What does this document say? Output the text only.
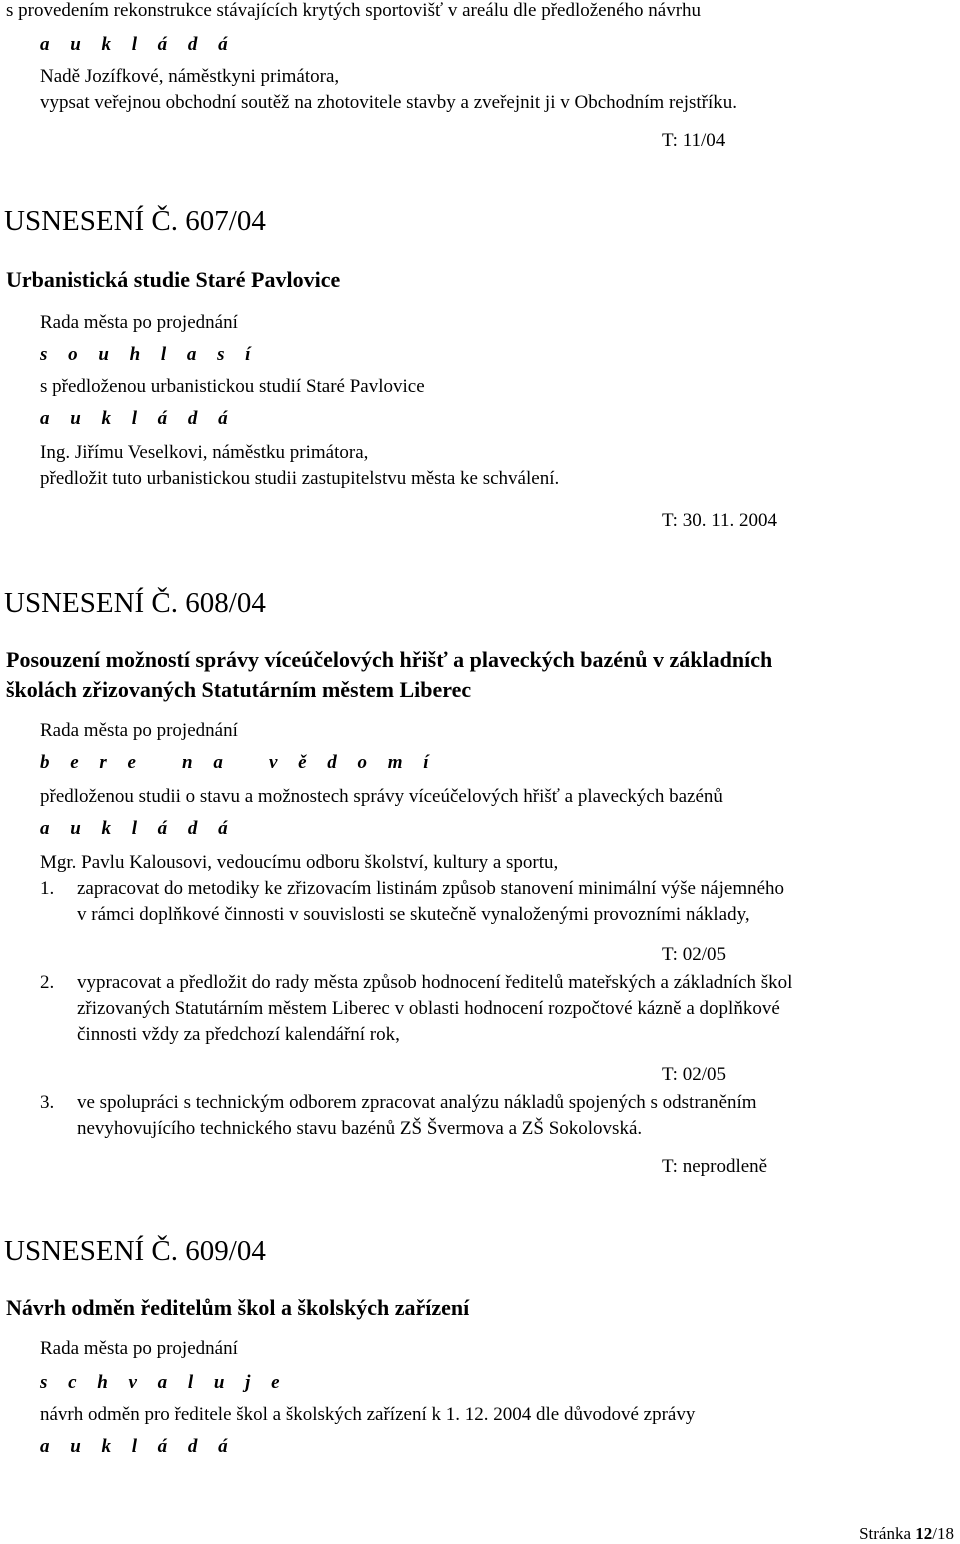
s provedením rekonstrukce stávajících krytých sportovišť v areálu dle předloženého návrhu
a u k l á d á
Nadě Jozífkové, náměstkyni primátora,
vypsat veřejnou obchodní soutěž na zhotovitele stavby a zveřejnit ji v Obchodním rejstříku.
T: 11/04
USNESENÍ Č. 607/04
Urbanistická studie Staré Pavlovice
Rada města po projednání
s o u h l a s í
s předloženou urbanistickou studií Staré Pavlovice
a u k l á d á
Ing. Jiřímu Veselkovi, náměstku primátora,
předložit tuto urbanistickou studii zastupitelstvu města ke schválení.
T: 30. 11. 2004
USNESENÍ Č. 608/04
Posouzení možností správy víceúčelových hřišť a plaveckých bazénů v základních
školách zřizovaných Statutárním městem Liberec
Rada města po projednání
b e r e   n a   v ě d o m í
předloženou studii o stavu a možnostech správy víceúčelových hřišť a plaveckých bazénů
a u k l á d á
Mgr. Pavlu Kalousovi, vedoucímu odboru školství, kultury a sportu,
1. zapracovat do metodiky ke zřizovacím listinám způsob stanovení minimální výše nájemného
v rámci doplňkové činnosti v souvislosti se skutečně vynaloženými provozními náklady,
T: 02/05
2. vypracovat a předložit do rady města způsob hodnocení ředitelů mateřských a základních škol
zřizovaných Statutárním městem Liberec v oblasti hodnocení rozpočtové kázně a doplňkové
činnosti vždy za předchozí kalendářní rok,
T: 02/05
3. ve spolupráci s technickým odborem zpracovat analýzu nákladů spojených s odstraněním
nevyhovujícího technického stavu bazénů ZŠ Švermova a ZŠ Sokolovská.
T: neprodleně
USNESENÍ Č. 609/04
Návrh odměn ředitelům škol a školských zařízení
Rada města po projednání
s c h v a l u j e
návrh odměn pro ředitele škol a školských zařízení k 1. 12. 2004 dle důvodové zprávy
a u k l á d á
Stránka 12/18
